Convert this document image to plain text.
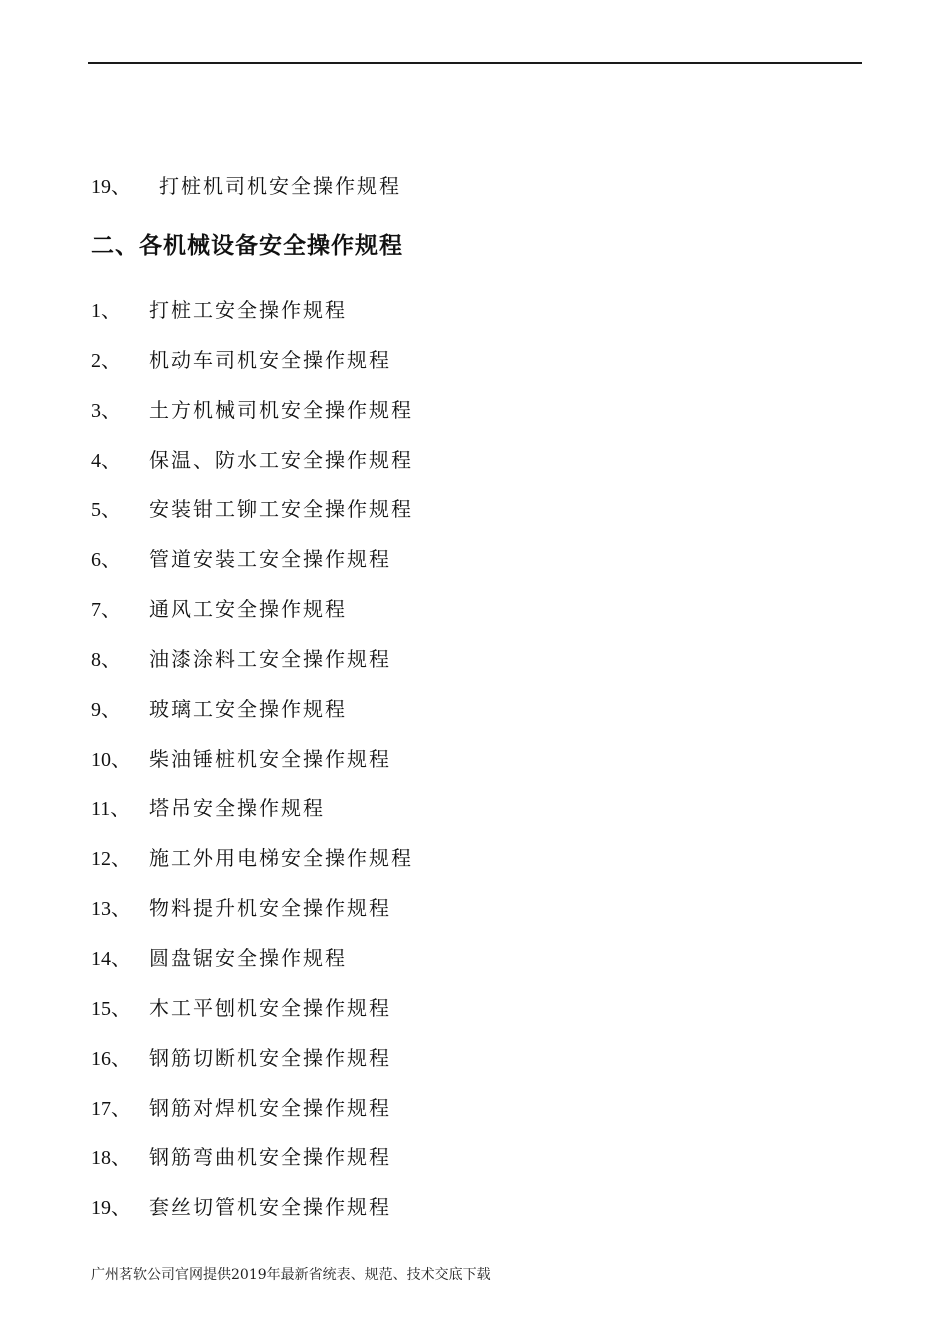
19、 打桩机司机安全操作规程
二、各机械设备安全操作规程
1、 打桩工安全操作规程
2、 机动车司机安全操作规程
3、 土方机械司机安全操作规程
4、 保温、防水工安全操作规程
5、 安装钳工铆工安全操作规程
6、 管道安装工安全操作规程
7、 通风工安全操作规程
8、 油漆涂料工安全操作规程
9、 玻璃工安全操作规程
10、 柴油锤桩机安全操作规程
11、 塔吊安全操作规程
12、 施工外用电梯安全操作规程
13、 物料提升机安全操作规程
14、 圆盘锯安全操作规程
15、 木工平刨机安全操作规程
16、 钢筋切断机安全操作规程
17、 钢筋对焊机安全操作规程
18、 钢筋弯曲机安全操作规程
19、 套丝切管机安全操作规程
广州茗软公司官网提供2019年最新省统表、规范、技术交底下载
